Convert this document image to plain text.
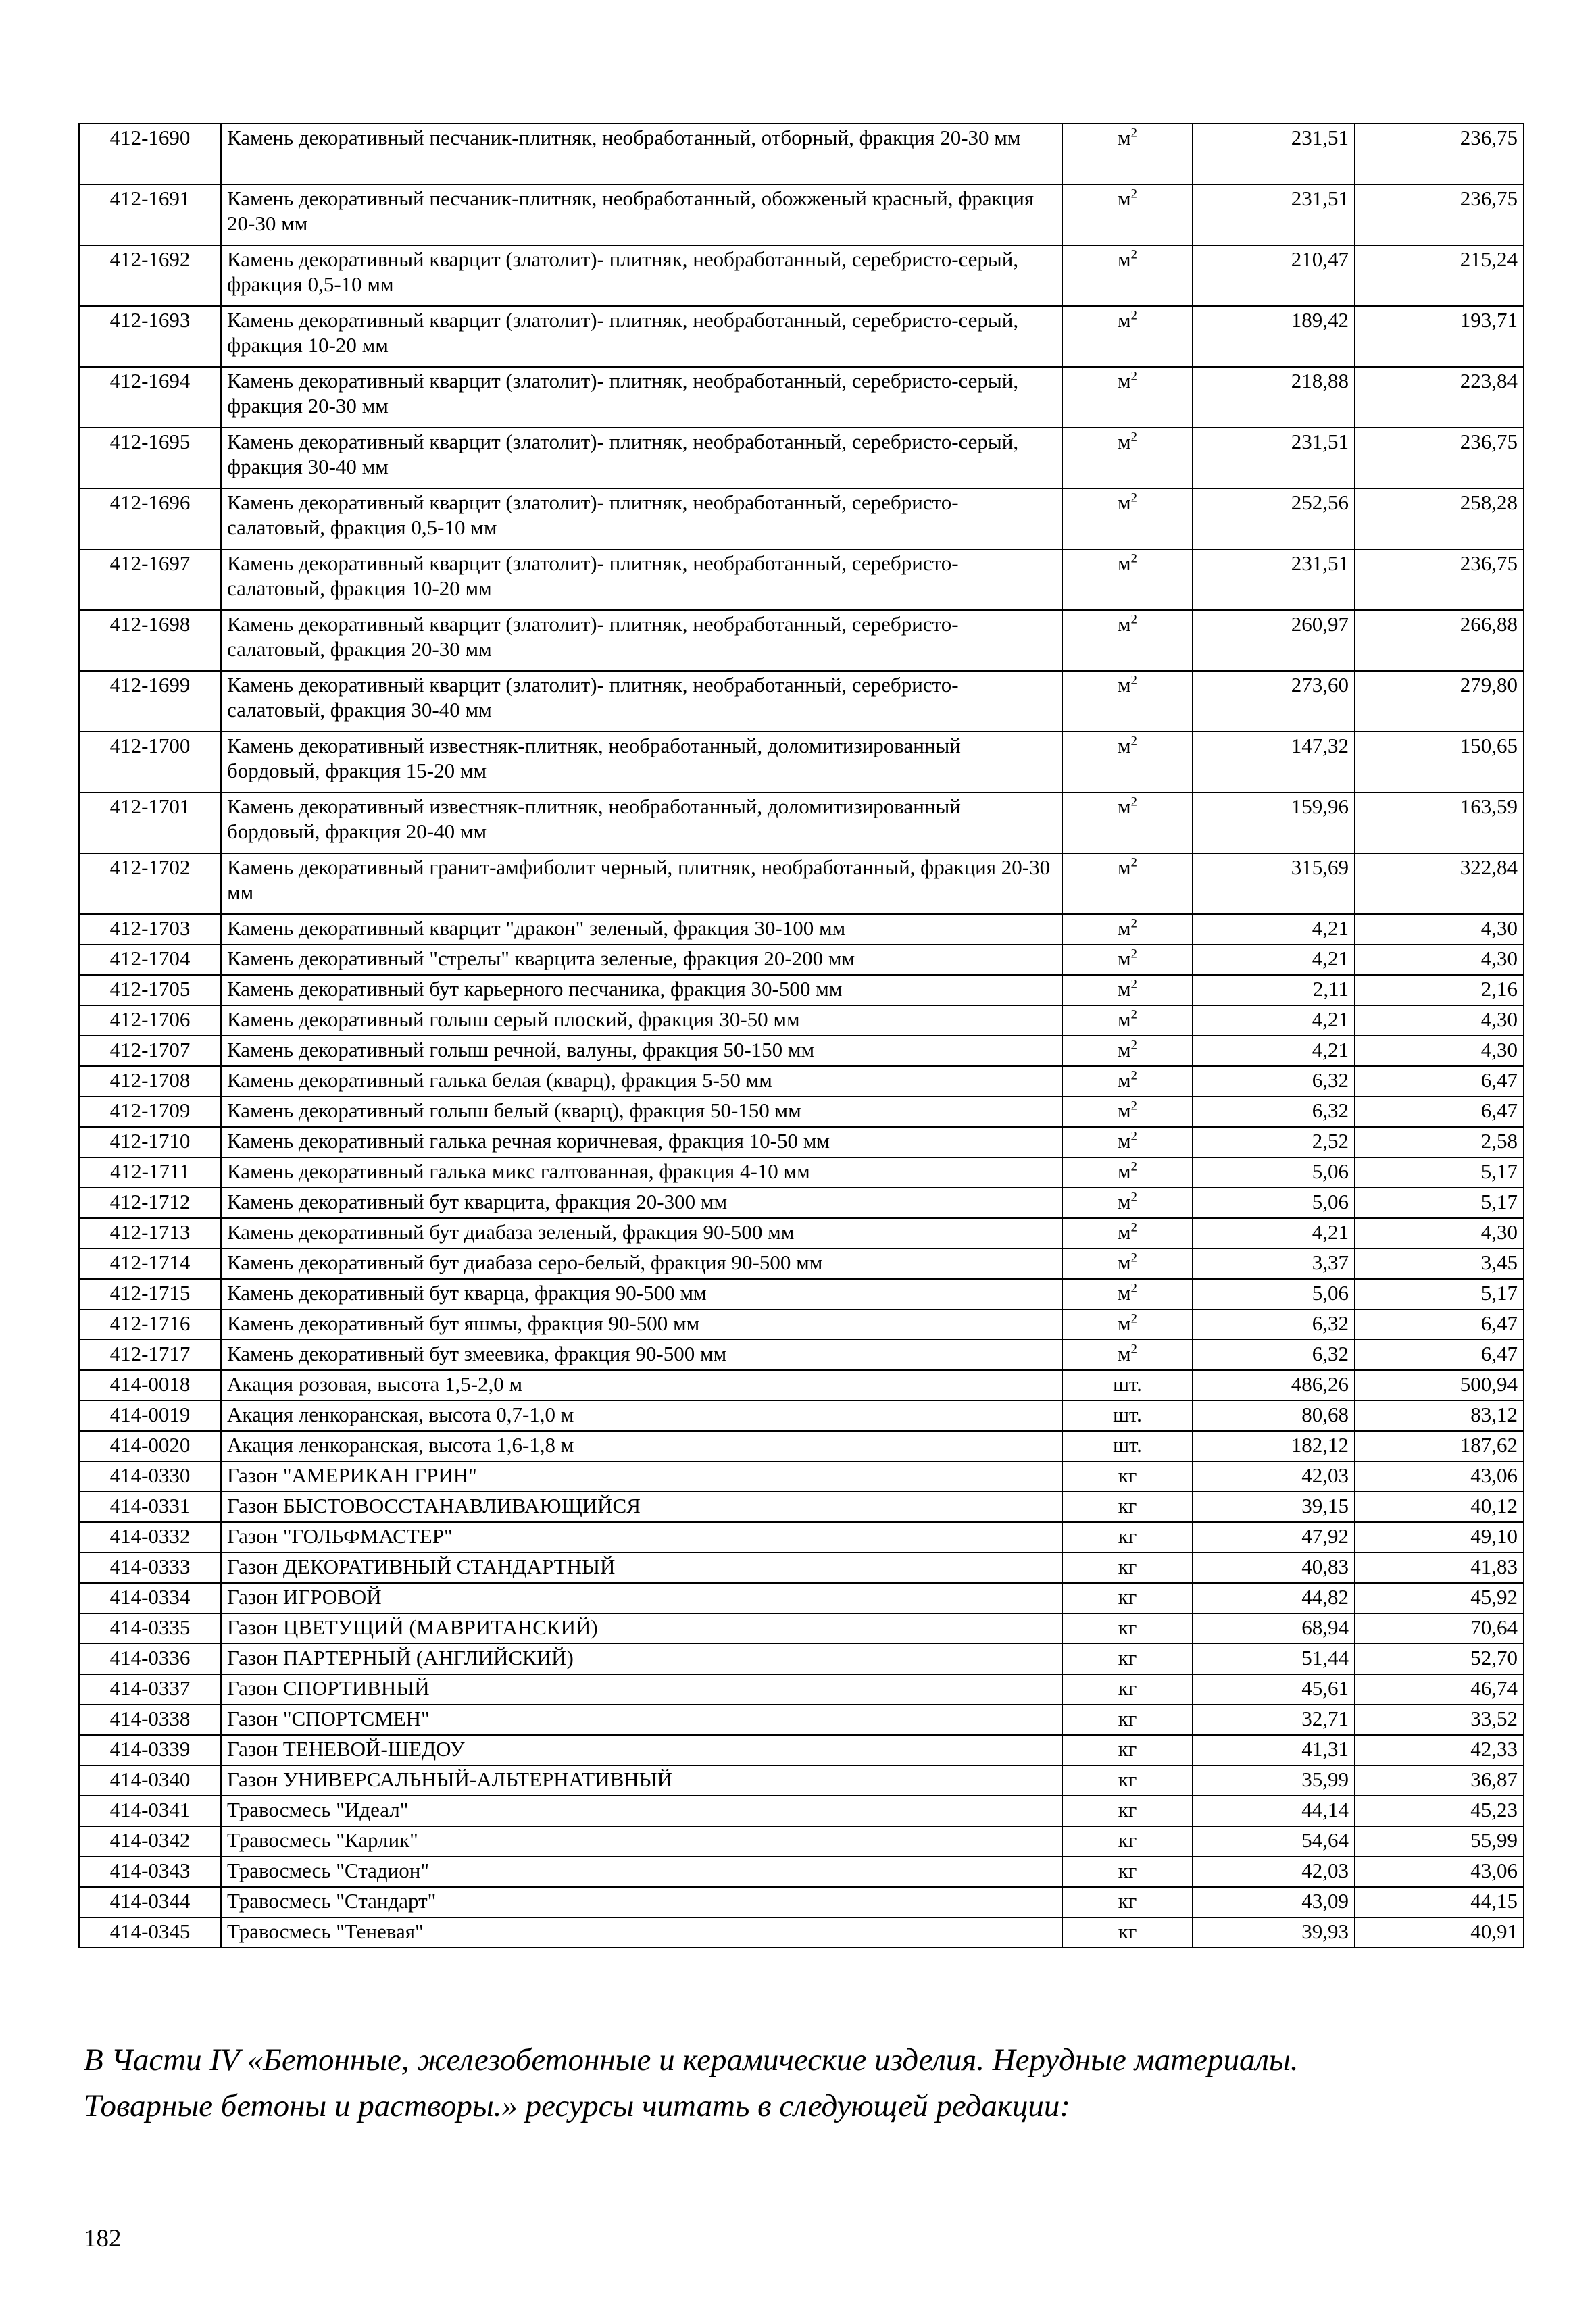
412-1690	Камень декоративный песчаник-плитняк, необработанный, отборный, фракция 20-30 мм	$м^2$	231,51	236,75
412-1691	Камень декоративный песчаник-плитняк, необработанный, обожженый красный, фракция 20-30 мм	$м^2$	231,51	236,75
412-1692	Камень декоративный кварцит (златолит)- плитняк, необработанный, серебристо-серый, фракция 0,5-10 мм	$м^2$	210,47	215,24
412-1693	Камень декоративный кварцит (златолит)- плитняк, необработанный, серебристо-серый, фракция 10-20 мм	$м^2$	189,42	193,71
412-1694	Камень декоративный кварцит (златолит)- плитняк, необработанный, серебристо-серый, фракция 20-30 мм	$м^2$	218,88	223,84
412-1695	Камень декоративный кварцит (златолит)- плитняк, необработанный, серебристо-серый, фракция 30-40 мм	$м^2$	231,51	236,75
412-1696	Камень декоративный кварцит (златолит)- плитняк, необработанный, серебристо-салатовый, фракция 0,5-10 мм	$м^2$	252,56	258,28
412-1697	Камень декоративный кварцит (златолит)- плитняк, необработанный, серебристо-салатовый, фракция 10-20 мм	$м^2$	231,51	236,75
412-1698	Камень декоративный кварцит (златолит)- плитняк, необработанный, серебристо-салатовый, фракция 20-30 мм	$м^2$	260,97	266,88
412-1699	Камень декоративный кварцит (златолит)- плитняк, необработанный, серебристо-салатовый, фракция 30-40 мм	$м^2$	273,60	279,80
412-1700	Камень декоративный известняк-плитняк, необработанный, доломитизированный бордовый, фракция 15-20 мм	$м^2$	147,32	150,65
412-1701	Камень декоративный известняк-плитняк, необработанный, доломитизированный бордовый, фракция 20-40 мм	$м^2$	159,96	163,59
412-1702	Камень декоративный гранит-амфиболит черный, плитняк, необработанный, фракция 20-30 мм	$м^2$	315,69	322,84
412-1703	Камень декоративный кварцит "дракон" зеленый, фракция 30-100 мм	$м^2$	4,21	4,30
412-1704	Камень декоративный "стрелы" кварцита зеленые, фракция 20-200 мм	$м^2$	4,21	4,30
412-1705	Камень декоративный бут карьерного песчаника, фракция 30-500 мм	$м^2$	2,11	2,16
412-1706	Камень декоративный голыш серый плоский, фракция 30-50 мм	$м^2$	4,21	4,30
412-1707	Камень декоративный голыш речной, валуны, фракция 50-150 мм	$м^2$	4,21	4,30
412-1708	Камень декоративный галька белая (кварц), фракция 5-50 мм	$м^2$	6,32	6,47
412-1709	Камень декоративный голыш белый (кварц), фракция 50-150 мм	$м^2$	6,32	6,47
412-1710	Камень декоративный галька речная коричневая, фракция 10-50 мм	$м^2$	2,52	2,58
412-1711	Камень декоративный галька микс галтованная, фракция 4-10 мм	$м^2$	5,06	5,17
412-1712	Камень декоративный бут кварцита, фракция 20-300 мм	$м^2$	5,06	5,17
412-1713	Камень декоративный бут диабаза зеленый, фракция 90-500 мм	$м^2$	4,21	4,30
412-1714	Камень декоративный бут диабаза серо-белый, фракция 90-500 мм	$м^2$	3,37	3,45
412-1715	Камень декоративный бут кварца, фракция 90-500 мм	$м^2$	5,06	5,17
412-1716	Камень декоративный бут яшмы, фракция 90-500 мм	$м^2$	6,32	6,47
412-1717	Камень декоративный бут змеевика, фракция 90-500 мм	$м^2$	6,32	6,47
414-0018	Акация розовая, высота 1,5-2,0 м	шт.	486,26	500,94
414-0019	Акация ленкоранская, высота 0,7-1,0 м	шт.	80,68	83,12
414-0020	Акация ленкоранская, высота 1,6-1,8 м	шт.	182,12	187,62
414-0330	Газон "АМЕРИКАН ГРИН"	кг	42,03	43,06
414-0331	Газон БЫСТОВОССТАНАВЛИВАЮЩИЙСЯ	кг	39,15	40,12
414-0332	Газон "ГОЛЬФМАСТЕР"	кг	47,92	49,10
414-0333	Газон ДЕКОРАТИВНЫЙ СТАНДАРТНЫЙ	кг	40,83	41,83
414-0334	Газон ИГРОВОЙ	кг	44,82	45,92
414-0335	Газон ЦВЕТУЩИЙ (МАВРИТАНСКИЙ)	кг	68,94	70,64
414-0336	Газон ПАРТЕРНЫЙ (АНГЛИЙСКИЙ)	кг	51,44	52,70
414-0337	Газон СПОРТИВНЫЙ	кг	45,61	46,74
414-0338	Газон "СПОРТСМЕН"	кг	32,71	33,52
414-0339	Газон ТЕНЕВОЙ-ШЕДОУ	кг	41,31	42,33
414-0340	Газон УНИВЕРСАЛЬНЫЙ-АЛЬТЕРНАТИВНЫЙ	кг	35,99	36,87
414-0341	Травосмесь "Идеал"	кг	44,14	45,23
414-0342	Травосмесь "Карлик"	кг	54,64	55,99
414-0343	Травосмесь "Стадион"	кг	42,03	43,06
414-0344	Травосмесь "Стандарт"	кг	43,09	44,15
414-0345	Травосмесь "Теневая"	кг	39,93	40,91
В Части IV «Бетонные, железобетонные и керамические изделия. Нерудные материалы.
Товарные бетоны и растворы.» ресурсы читать в следующей редакции:
182
